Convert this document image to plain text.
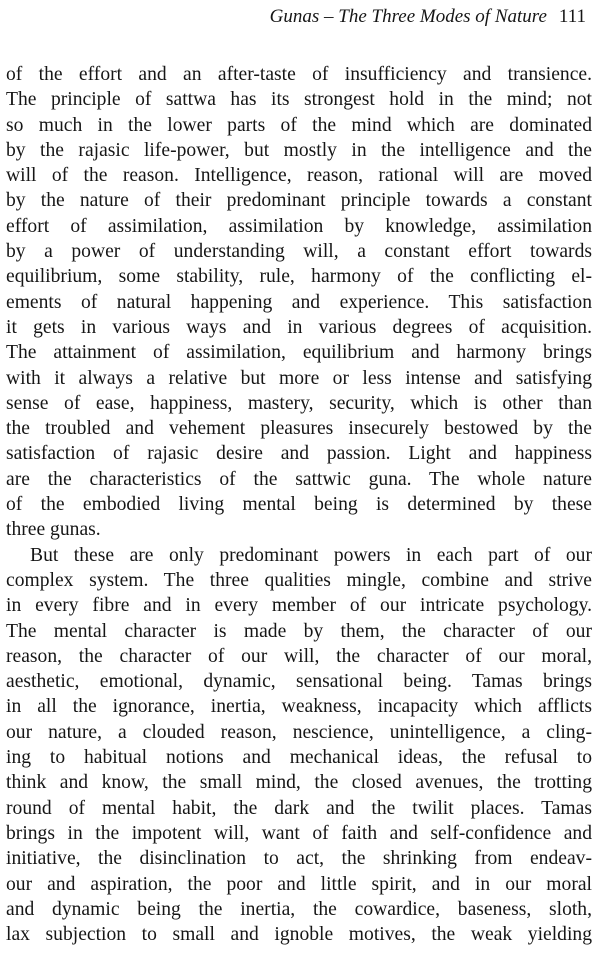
Gunas – The Three Modes of Nature 111
of the effort and an after-taste of insufficiency and transience.
The principle of sattwa has its strongest hold in the mind; not
so much in the lower parts of the mind which are dominated
by the rajasic life-power, but mostly in the intelligence and the
will of the reason. Intelligence, reason, rational will are moved
by the nature of their predominant principle towards a constant
effort of assimilation, assimilation by knowledge, assimilation
by a power of understanding will, a constant effort towards
equilibrium, some stability, rule, harmony of the conflicting el-
ements of natural happening and experience. This satisfaction
it gets in various ways and in various degrees of acquisition.
The attainment of assimilation, equilibrium and harmony brings
with it always a relative but more or less intense and satisfying
sense of ease, happiness, mastery, security, which is other than
the troubled and vehement pleasures insecurely bestowed by the
satisfaction of rajasic desire and passion. Light and happiness
are the characteristics of the sattwic guna. The whole nature
of the embodied living mental being is determined by these
three gunas.
But these are only predominant powers in each part of our
complex system. The three qualities mingle, combine and strive
in every fibre and in every member of our intricate psychology.
The mental character is made by them, the character of our
reason, the character of our will, the character of our moral,
aesthetic, emotional, dynamic, sensational being. Tamas brings
in all the ignorance, inertia, weakness, incapacity which afflicts
our nature, a clouded reason, nescience, unintelligence, a cling-
ing to habitual notions and mechanical ideas, the refusal to
think and know, the small mind, the closed avenues, the trotting
round of mental habit, the dark and the twilit places. Tamas
brings in the impotent will, want of faith and self-confidence and
initiative, the disinclination to act, the shrinking from endeav-
our and aspiration, the poor and little spirit, and in our moral
and dynamic being the inertia, the cowardice, baseness, sloth,
lax subjection to small and ignoble motives, the weak yielding
